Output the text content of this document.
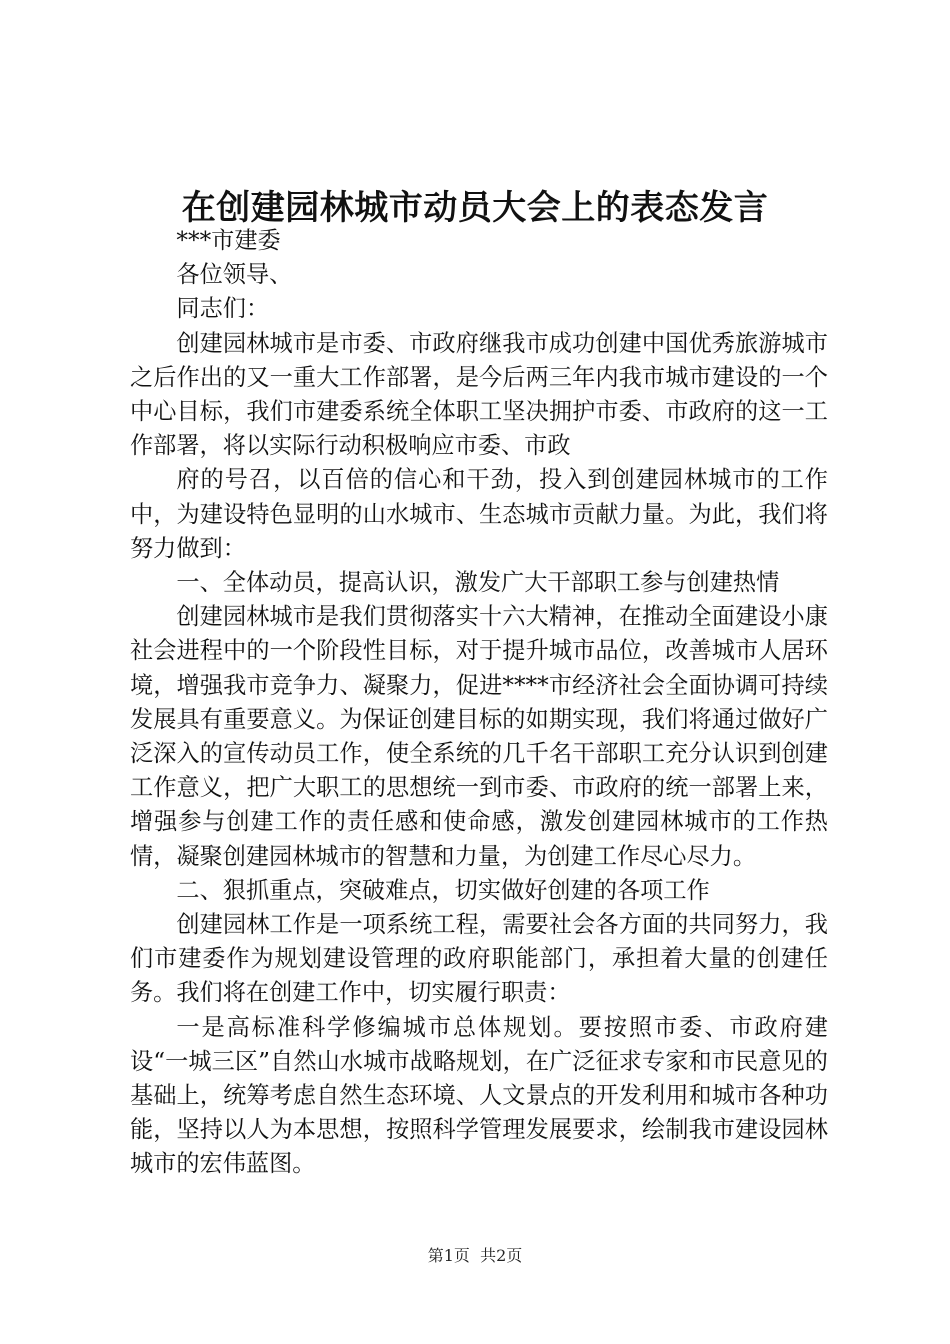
在创建园林城市动员大会上的表态发言

***市建委

各位领导、

同志们：

创建园林城市是市委、市政府继我市成功创建中国优秀旅游城市之后作出的又一重大工作部署，是今后两三年内我市城市建设的一个中心目标，我们市建委系统全体职工坚决拥护市委、市政府的这一工作部署，将以实际行动积极响应市委、市政

府的号召，以百倍的信心和干劲，投入到创建园林城市的工作中，为建设特色显明的山水城市、生态城市贡献力量。为此，我们将努力做到：

一、全体动员，提高认识，激发广大干部职工参与创建热情

创建园林城市是我们贯彻落实十六大精神，在推动全面建设小康社会进程中的一个阶段性目标，对于提升城市品位，改善城市人居环境，增强我市竞争力、凝聚力，促进****市经济社会全面协调可持续发展具有重要意义。为保证创建目标的如期实现，我们将通过做好广泛深入的宣传动员工作，使全系统的几千名干部职工充分认识到创建工作意义，把广大职工的思想统一到市委、市政府的统一部署上来，增强参与创建工作的责任感和使命感，激发创建园林城市的工作热情，凝聚创建园林城市的智慧和力量，为创建工作尽心尽力。

二、狠抓重点，突破难点，切实做好创建的各项工作

创建园林工作是一项系统工程，需要社会各方面的共同努力，我们市建委作为规划建设管理的政府职能部门，承担着大量的创建任务。我们将在创建工作中，切实履行职责：

一是高标准科学修编城市总体规划。要按照市委、市政府建设“一城三区”自然山水城市战略规划，在广泛征求专家和市民意见的基础上，统筹考虑自然生态环境、人文景点的开发利用和城市各种功能，坚持以人为本思想，按照科学管理发展要求，绘制我市建设园林城市的宏伟蓝图。

第1页  共2页
